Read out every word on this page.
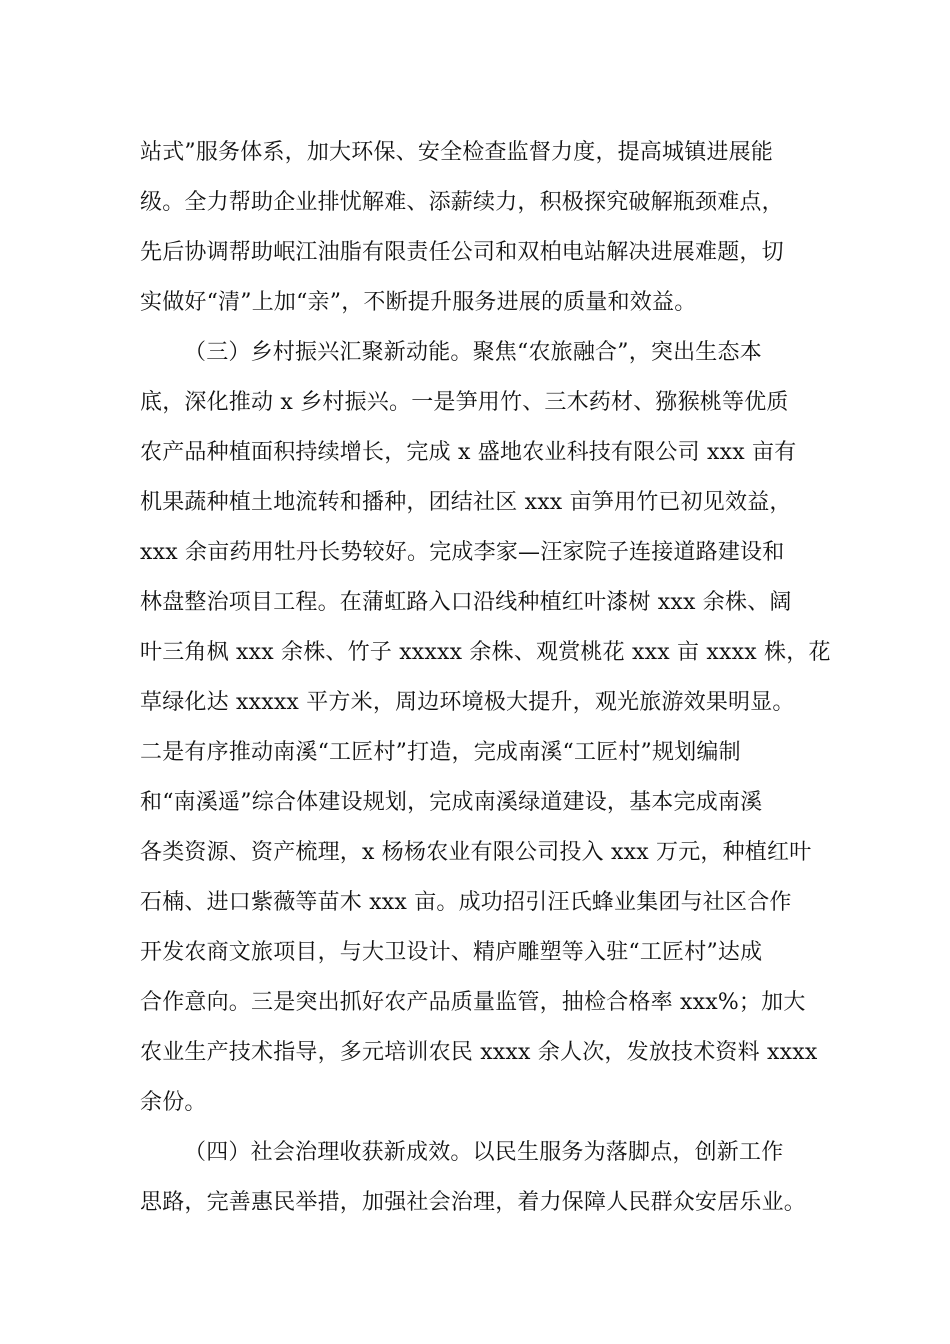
站式”服务体系，加大环保、安全检查监督力度，提高城镇进展能
级。全力帮助企业排忧解难、添薪续力，积极探究破解瓶颈难点，
先后协调帮助岷江油脂有限责任公司和双柏电站解决进展难题，切
实做好“清”上加“亲”，不断提升服务进展的质量和效益。
（三）乡村振兴汇聚新动能。聚焦“农旅融合”，突出生态本
底，深化推动 x 乡村振兴。一是笋用竹、三木药材、猕猴桃等优质
农产品种植面积持续增长，完成 x 盛地农业科技有限公司 xxx 亩有
机果蔬种植土地流转和播种，团结社区 xxx 亩笋用竹已初见效益，
xxx 余亩药用牡丹长势较好。完成李家—汪家院子连接道路建设和
林盘整治项目工程。在蒲虹路入口沿线种植红叶漆树 xxx 余株、阔
叶三角枫 xxx 余株、竹子 xxxxx 余株、观赏桃花 xxx 亩 xxxx 株，花
草绿化达 xxxxx 平方米，周边环境极大提升，观光旅游效果明显。
二是有序推动南溪“工匠村”打造，完成南溪“工匠村”规划编制
和“南溪遥”综合体建设规划，完成南溪绿道建设，基本完成南溪
各类资源、资产梳理，x 杨杨农业有限公司投入 xxx 万元，种植红叶
石楠、进口紫薇等苗木 xxx 亩。成功招引汪氏蜂业集团与社区合作
开发农商文旅项目，与大卫设计、精庐雕塑等入驻“工匠村”达成
合作意向。三是突出抓好农产品质量监管，抽检合格率 xxx%；加大
农业生产技术指导，多元培训农民 xxxx 余人次，发放技术资料 xxxx
余份。
（四）社会治理收获新成效。以民生服务为落脚点，创新工作
思路，完善惠民举措，加强社会治理，着力保障人民群众安居乐业。
